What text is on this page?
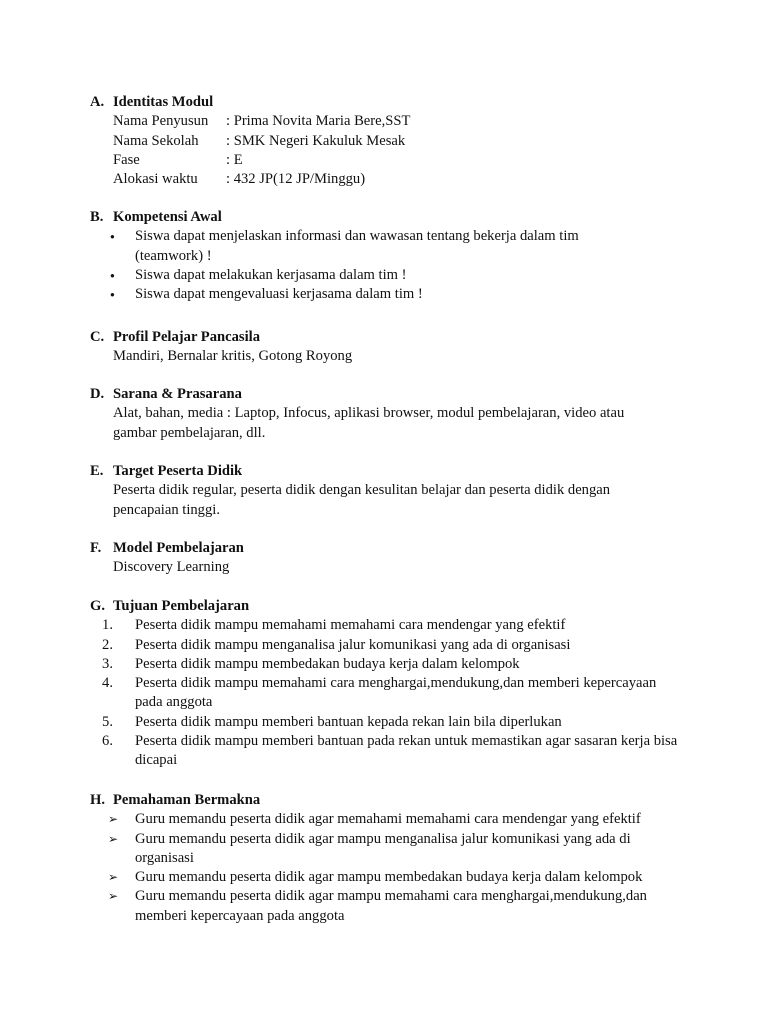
A. Identitas Modul
Nama Penyusun	: Prima Novita Maria Bere,SST
Nama Sekolah	: SMK Negeri Kakuluk Mesak
Fase	: E
Alokasi waktu	: 432 JP(12 JP/Minggu)
B. Kompetensi Awal
● Siswa dapat menjelaskan informasi dan wawasan tentang bekerja dalam tim (teamwork) !
● Siswa dapat melakukan kerjasama dalam tim !
● Siswa dapat mengevaluasi kerjasama dalam tim !
C. Profil Pelajar Pancasila
Mandiri, Bernalar kritis, Gotong Royong
D. Sarana & Prasarana
Alat, bahan, media : Laptop, Infocus, aplikasi browser, modul pembelajaran, video atau gambar pembelajaran, dll.
E. Target Peserta Didik
Peserta didik regular, peserta didik dengan kesulitan belajar dan peserta didik dengan pencapaian tinggi.
F. Model Pembelajaran
Discovery Learning
G. Tujuan Pembelajaran
1.	Peserta didik mampu memahami memahami cara mendengar yang efektif
2.	Peserta didik mampu menganalisa jalur komunikasi yang ada di organisasi
3.	Peserta didik mampu membedakan budaya kerja dalam kelompok
4.	Peserta didik mampu memahami cara menghargai,mendukung,dan memberi kepercayaan pada anggota
5.	Peserta didik mampu memberi bantuan kepada rekan lain bila diperlukan
6.	Peserta didik mampu memberi bantuan pada rekan untuk memastikan agar sasaran kerja bisa dicapai
H. Pemahaman Bermakna
➢	Guru memandu peserta didik agar memahami memahami cara mendengar yang efektif
➢	Guru memandu peserta didik agar mampu menganalisa jalur komunikasi yang ada di organisasi
➢	Guru memandu peserta didik agar mampu membedakan budaya kerja dalam kelompok
➢	Guru memandu peserta didik agar mampu memahami cara menghargai,mendukung,dan memberi kepercayaan pada anggota
